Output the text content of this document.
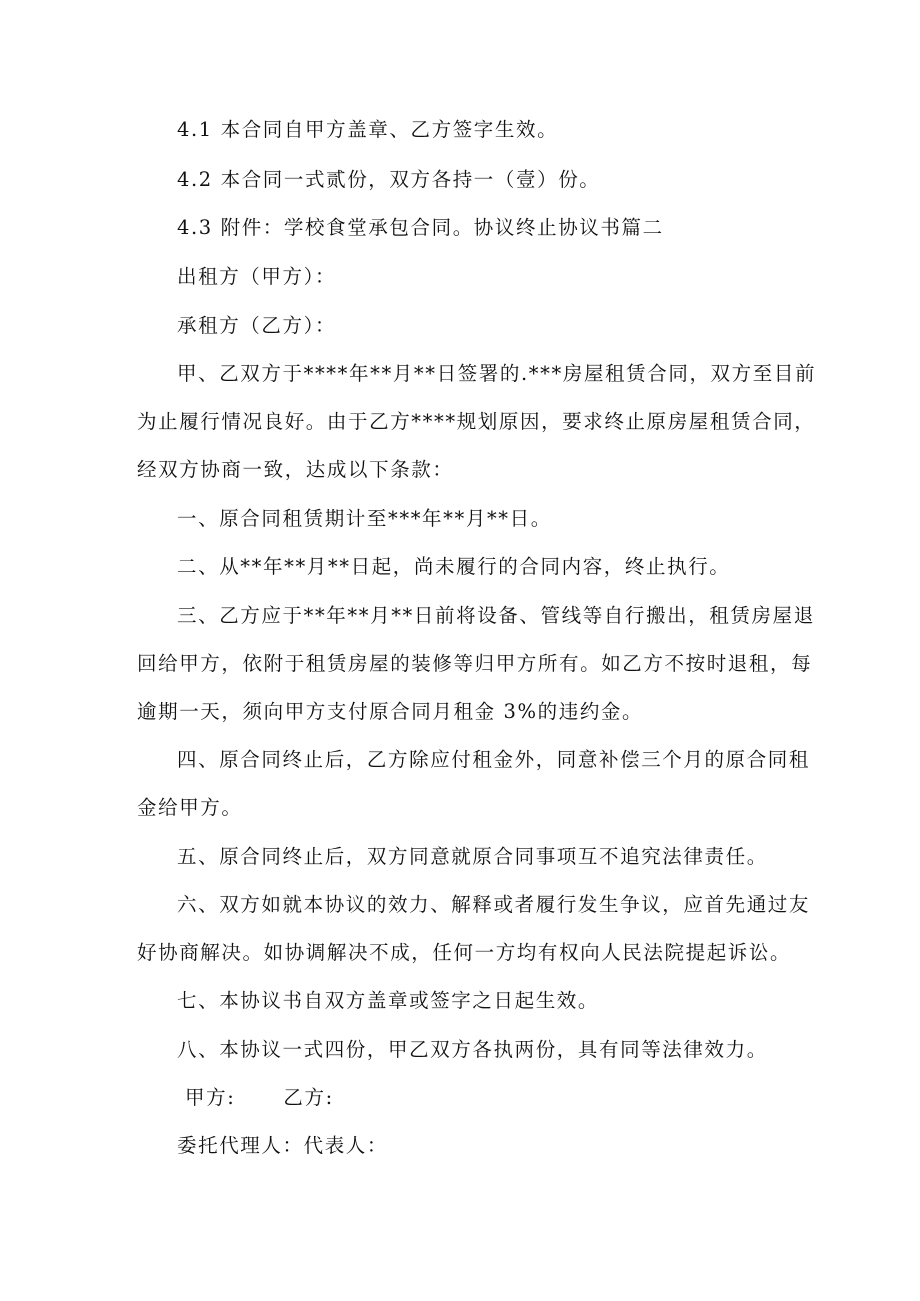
4.1 本合同自甲方盖章、乙方签字生效。
4.2 本合同一式贰份，双方各持一（壹）份。
4.3 附件：学校食堂承包合同。协议终止协议书篇二
出租方（甲方）：
承租方（乙方）：
甲、乙双方于****年**月**日签署的.***房屋租赁合同，双方至目前
为止履行情况良好。由于乙方****规划原因，要求终止原房屋租赁合同，
经双方协商一致，达成以下条款：
一、原合同租赁期计至***年**月**日。
二、从**年**月**日起，尚未履行的合同内容，终止执行。
三、乙方应于**年**月**日前将设备、管线等自行搬出，租赁房屋退
回给甲方，依附于租赁房屋的装修等归甲方所有。如乙方不按时退租，每
逾期一天，须向甲方支付原合同月租金 3%的违约金。
四、原合同终止后，乙方除应付租金外，同意补偿三个月的原合同租
金给甲方。
五、原合同终止后，双方同意就原合同事项互不追究法律责任。
六、双方如就本协议的效力、解释或者履行发生争议，应首先通过友
好协商解决。如协调解决不成，任何一方均有权向人民法院提起诉讼。
七、本协议书自双方盖章或签字之日起生效。
八、本协议一式四份，甲乙双方各执两份，具有同等法律效力。
甲方: 乙方:
委托代理人：代表人：
